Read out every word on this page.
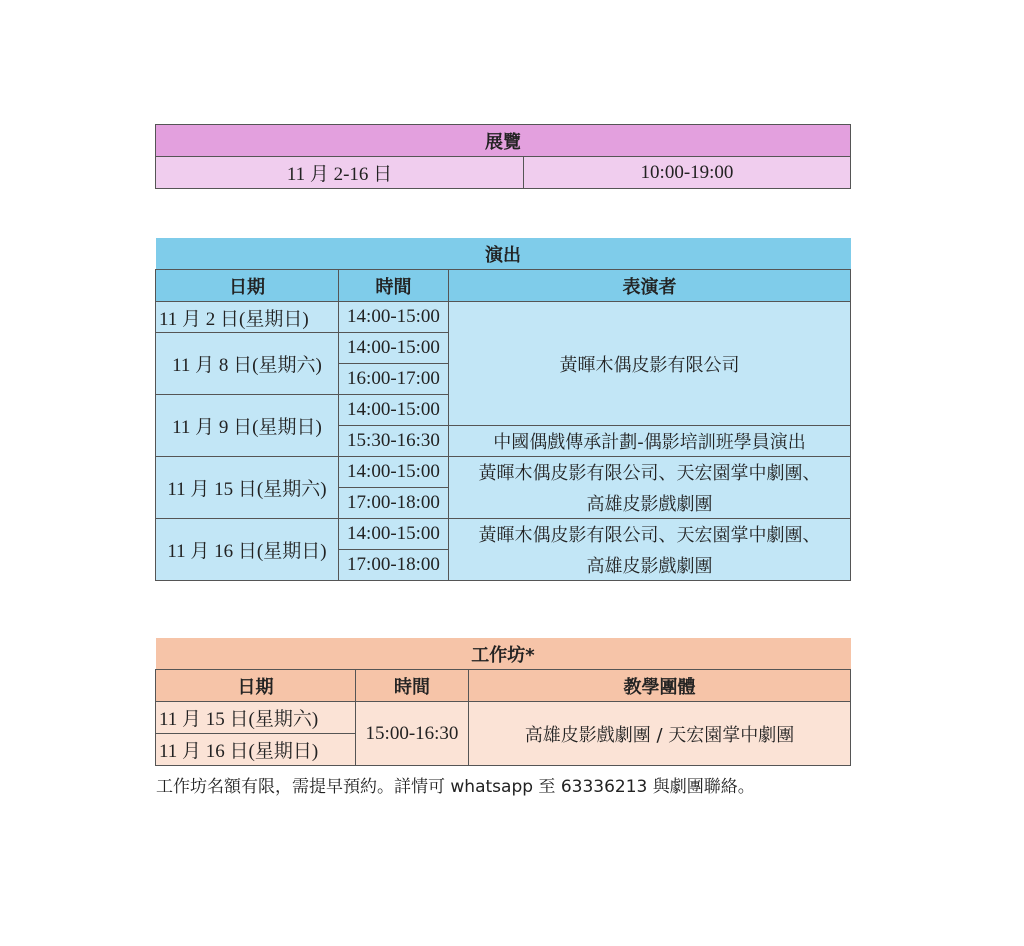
展覽
11 月 2-16 日	10:00-19:00
演出		
日期	時間	表演者
11 月 2 日(星期日)	14:00-15:00	黃暉木偶皮影有限公司
11 月 8 日(星期六)	14:00-15:00	
	16:00-17:00	
11 月 9 日(星期日)	14:00-15:00	
	15:30-16:30	中國偶戲傳承計劃-偶影培訓班學員演出
11 月 15 日(星期六)	14:00-15:00	黃暉木偶皮影有限公司、天宏園掌中劇團、
	17:00-18:00	高雄皮影戲劇團
11 月 16 日(星期日)	14:00-15:00	黃暉木偶皮影有限公司、天宏園掌中劇團、
	17:00-18:00	高雄皮影戲劇團
工作坊*		
日期	時間	教學團體
11 月 15 日(星期六)	15:00-16:30	高雄皮影戲劇團 / 天宏園掌中劇團
11 月 16 日(星期日)		
工作坊名額有限，需提早預約。詳情可 whatsapp 至 63336213 與劇團聯絡。
